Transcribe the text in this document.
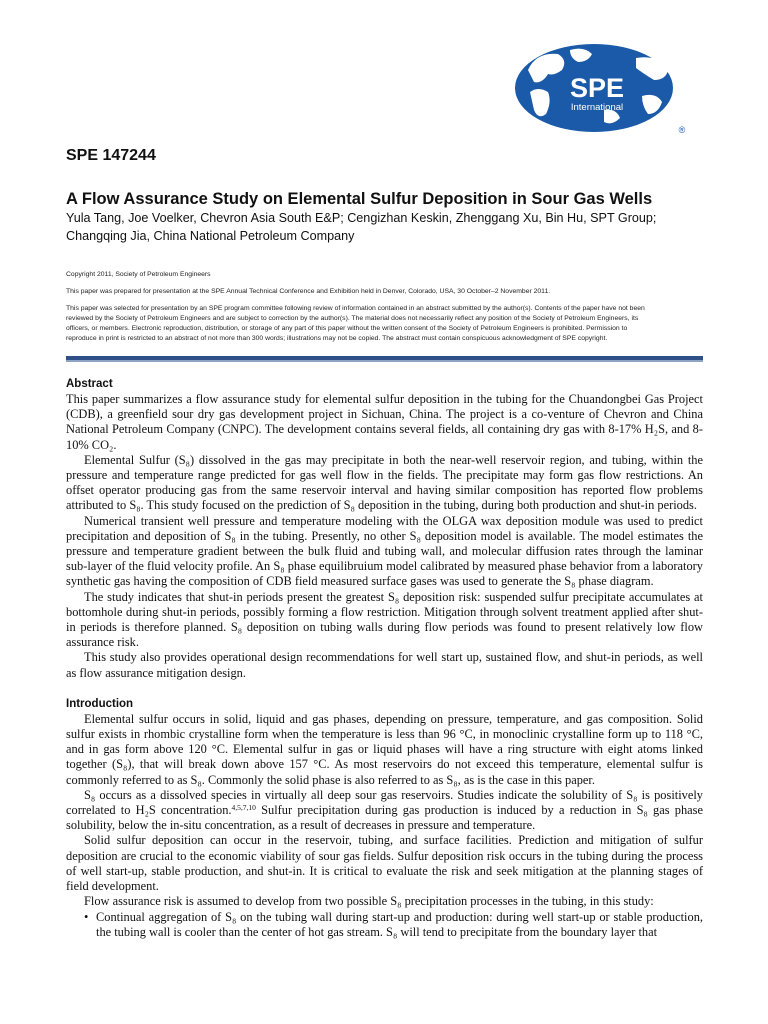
SPE
International
®
SPE 147244
A Flow Assurance Study on Elemental Sulfur Deposition in Sour Gas Wells
Yula Tang, Joe Voelker, Chevron Asia South E&P; Cengizhan Keskin, Zhenggang Xu, Bin Hu, SPT Group;
Changqing Jia, China National Petroleum Company

Copyright 2011, Society of Petroleum Engineers

This paper was prepared for presentation at the SPE Annual Technical Conference and Exhibition held in Denver, Colorado, USA, 30 October–2 November 2011.

This paper was selected for presentation by an SPE program committee following review of information contained in an abstract submitted by the author(s). Contents of the paper have not been
reviewed by the Society of Petroleum Engineers and are subject to correction by the author(s). The material does not necessarily reflect any position of the Society of Petroleum Engineers, its
officers, or members. Electronic reproduction, distribution, or storage of any part of this paper without the written consent of the Society of Petroleum Engineers is prohibited. Permission to
reproduce in print is restricted to an abstract of not more than 300 words; illustrations may not be copied. The abstract must contain conspicuous acknowledgment of SPE copyright.

Abstract

This paper summarizes a flow assurance study for elemental sulfur deposition in the tubing for the Chuandongbei Gas Project (CDB), a greenfield sour dry gas development project in Sichuan, China. The project is a co-venture of Chevron and China National Petroleum Company (CNPC). The development contains several fields, all containing dry gas with 8-17% H₂S, and 8-10% CO₂.

Elemental Sulfur (S₈) dissolved in the gas may precipitate in both the near-well reservoir region, and tubing, within the pressure and temperature range predicted for gas well flow in the fields. The precipitate may form gas flow restrictions. An offset operator producing gas from the same reservoir interval and having similar composition has reported flow problems attributed to S₈. This study focused on the prediction of S₈ deposition in the tubing, during both production and shut-in periods.

Numerical transient well pressure and temperature modeling with the OLGA wax deposition module was used to predict precipitation and deposition of S₈ in the tubing. Presently, no other S₈ deposition model is available. The model estimates the pressure and temperature gradient between the bulk fluid and tubing wall, and molecular diffusion rates through the laminar sub-layer of the fluid velocity profile. An S₈ phase equilibruium model calibrated by measured phase behavior from a laboratory synthetic gas having the composition of CDB field measured surface gases was used to generate the S₈ phase diagram.

The study indicates that shut-in periods present the greatest S₈ deposition risk: suspended sulfur precipitate accumulates at bottomhole during shut-in periods, possibly forming a flow restriction. Mitigation through solvent treatment applied after shut-in periods is therefore planned. S₈ deposition on tubing walls during flow periods was found to present relatively low flow assurance risk.

This study also provides operational design recommendations for well start up, sustained flow, and shut-in periods, as well as flow assurance mitigation design.

Introduction

Elemental sulfur occurs in solid, liquid and gas phases, depending on pressure, temperature, and gas composition. Solid sulfur exists in rhombic crystalline form when the temperature is less than 96 °C, in monoclinic crystalline form up to 118 °C, and in gas form above 120 °C. Elemental sulfur in gas or liquid phases will have a ring structure with eight atoms linked together (S₈), that will break down above 157 °C. As most reservoirs do not exceed this temperature, elemental sulfur is commonly referred to as S₈. Commonly the solid phase is also referred to as S₈, as is the case in this paper.

S₈ occurs as a dissolved species in virtually all deep sour gas reservoirs. Studies indicate the solubility of S₈ is positively correlated to H₂S concentration.$^{4,5,7,10}$ Sulfur precipitation during gas production is induced by a reduction in S₈ gas phase solubility, below the in-situ concentration, as a result of decreases in pressure and temperature.

Solid sulfur deposition can occur in the reservoir, tubing, and surface facilities. Prediction and mitigation of sulfur deposition are crucial to the economic viability of sour gas fields. Sulfur deposition risk occurs in the tubing during the process of well start-up, stable production, and shut-in. It is critical to evaluate the risk and seek mitigation at the planning stages of field development.

Flow assurance risk is assumed to develop from two possible S₈ precipitation processes in the tubing, in this study:

• Continual aggregation of S₈ on the tubing wall during start-up and production: during well start-up or stable production, the tubing wall is cooler than the center of hot gas stream. S₈ will tend to precipitate from the boundary layer that
